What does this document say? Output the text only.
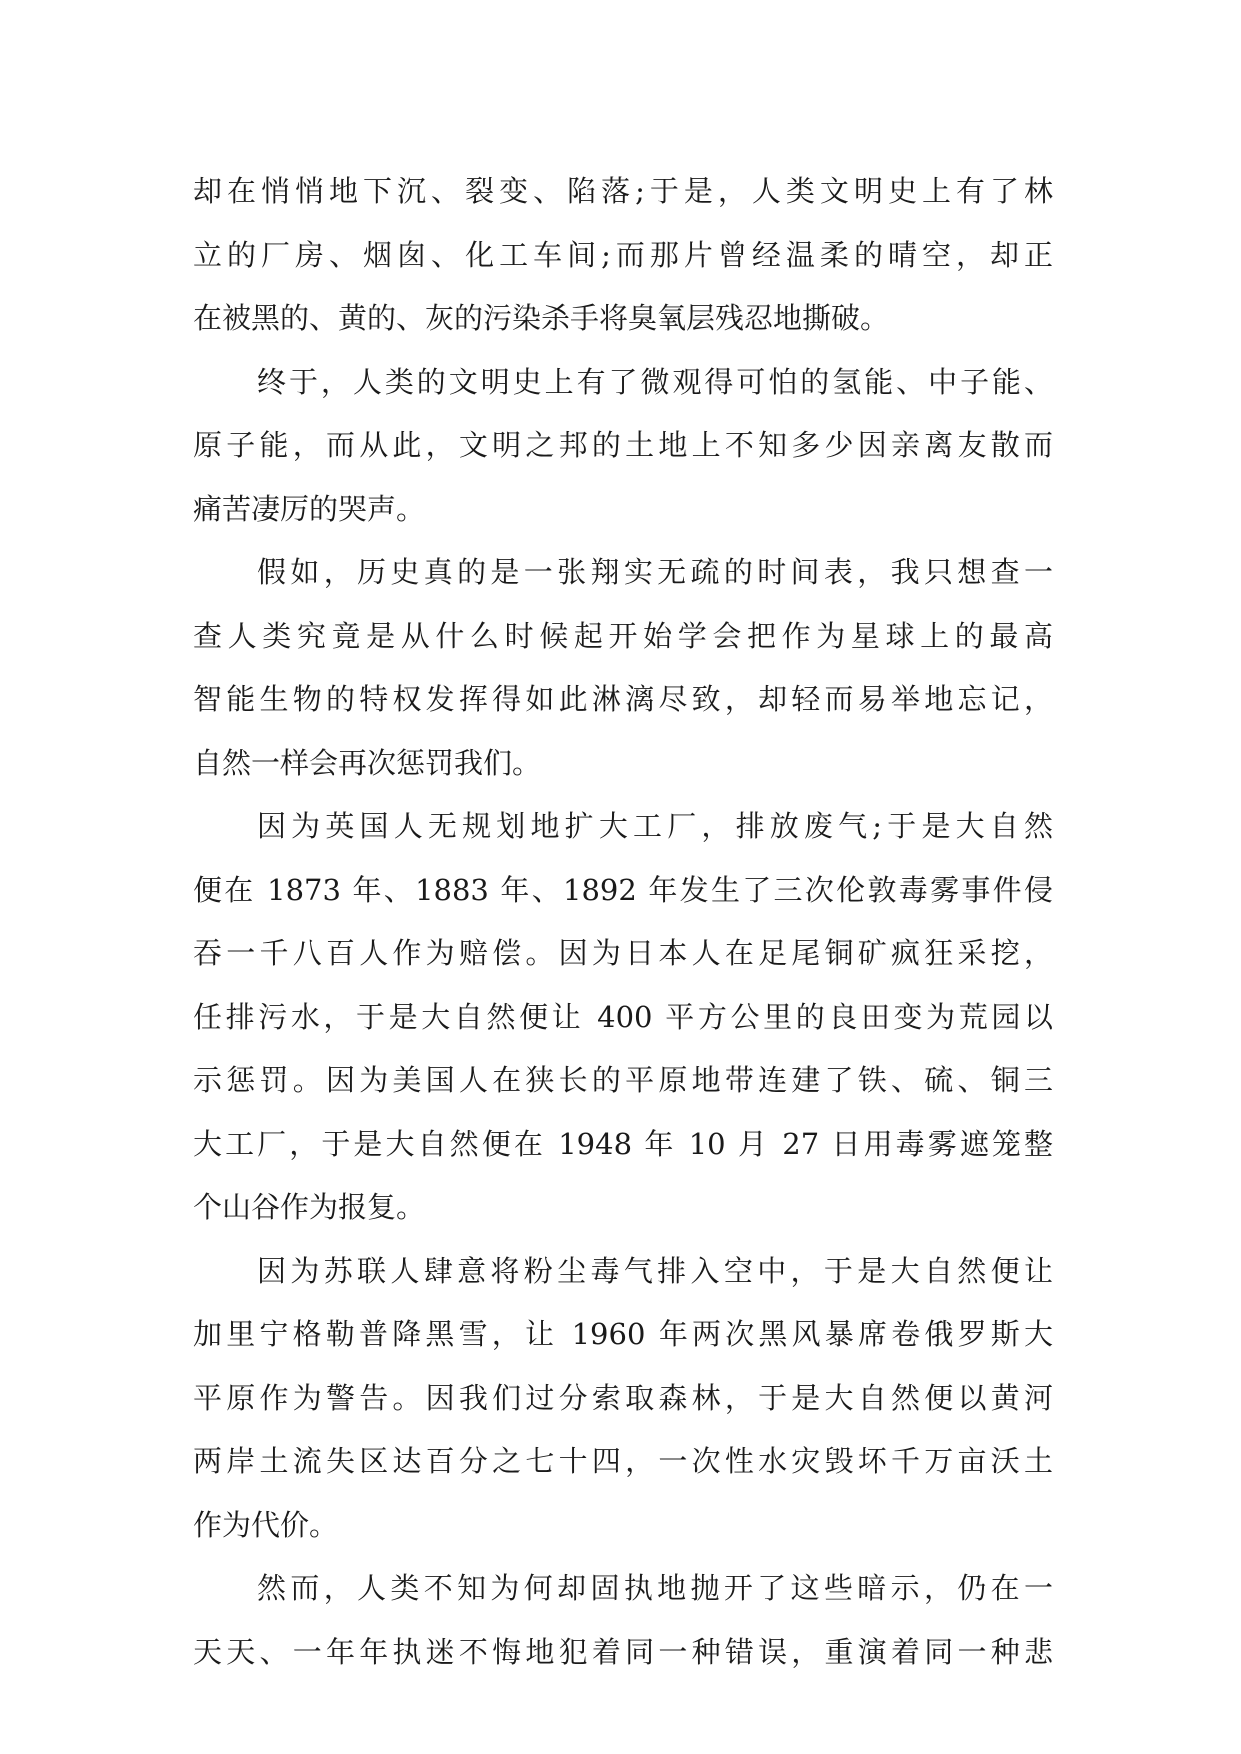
却在悄悄地下沉、裂变、陷落;于是，人类文明史上有了林
立的厂房、烟囱、化工车间;而那片曾经温柔的晴空，却正
在被黑的、黄的、灰的污染杀手将臭氧层残忍地撕破。
终于，人类的文明史上有了微观得可怕的氢能、中子能、
原子能，而从此，文明之邦的土地上不知多少因亲离友散而
痛苦凄厉的哭声。
假如，历史真的是一张翔实无疏的时间表，我只想查一
查人类究竟是从什么时候起开始学会把作为星球上的最高
智能生物的特权发挥得如此淋漓尽致，却轻而易举地忘记，
自然一样会再次惩罚我们。
因为英国人无规划地扩大工厂，排放废气;于是大自然
便在 1873 年、1883 年、1892 年发生了三次伦敦毒雾事件侵
吞一千八百人作为赔偿。因为日本人在足尾铜矿疯狂采挖，
任排污水，于是大自然便让 400 平方公里的良田变为荒园以
示惩罚。因为美国人在狭长的平原地带连建了铁、硫、铜三
大工厂，于是大自然便在 1948 年 10 月 27 日用毒雾遮笼整
个山谷作为报复。
因为苏联人肆意将粉尘毒气排入空中，于是大自然便让
加里宁格勒普降黑雪，让 1960 年两次黑风暴席卷俄罗斯大
平原作为警告。因我们过分索取森林，于是大自然便以黄河
两岸土流失区达百分之七十四，一次性水灾毁坏千万亩沃土
作为代价。
然而，人类不知为何却固执地抛开了这些暗示，仍在一
天天、一年年执迷不悔地犯着同一种错误，重演着同一种悲
